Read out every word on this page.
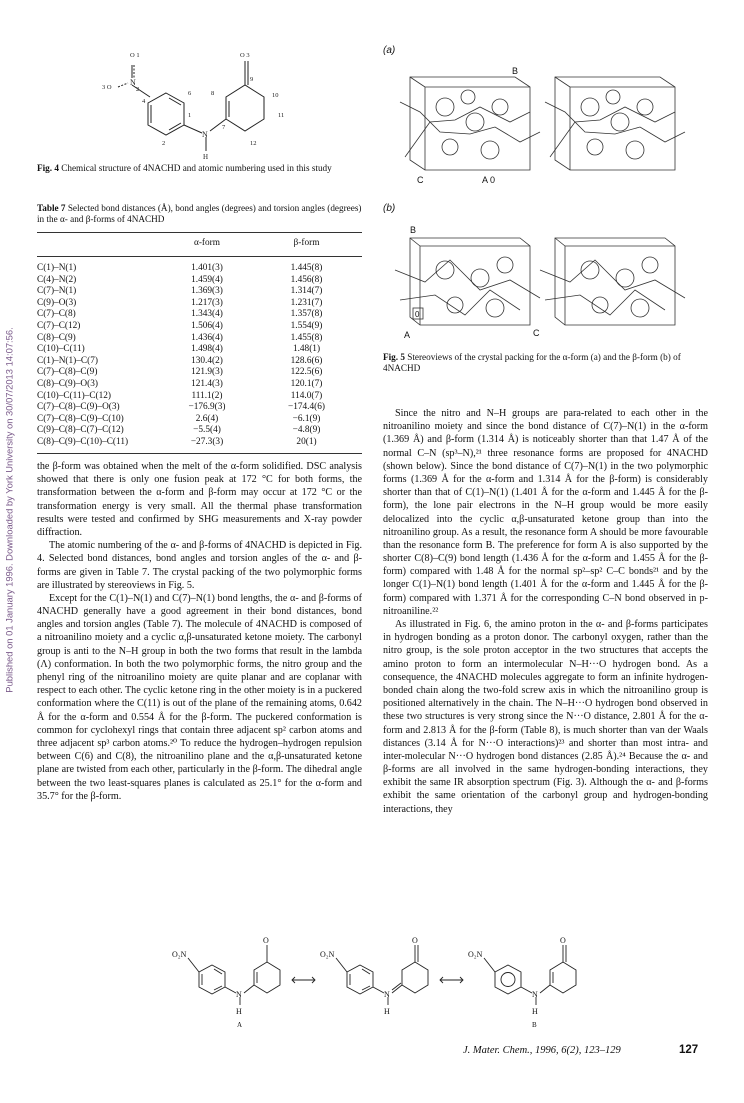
Published on 01 January 1996. Downloaded by York University on 30/07/2013 14:07:56.
O 1	O 3
3 O
N
2
4
6	8
9
10
11
12
1
7
2
N
H
Fig. 4 Chemical structure of 4NACHD and atomic numbering used in this study
Table 7 Selected bond distances (Å), bond angles (degrees) and torsion angles (degrees) in the α- and β-forms of 4NACHD
	α-form	β-form
C(1)–N(1)	1.401(3)	1.445(8)
C(4)–N(2)	1.459(4)	1.456(8)
C(7)–N(1)	1.369(3)	1.314(7)
C(9)–O(3)	1.217(3)	1.231(7)
C(7)–C(8)	1.343(4)	1.357(8)
C(7)–C(12)	1.506(4)	1.554(9)
C(8)–C(9)	1.436(4)	1.455(8)
C(10)–C(11)	1.498(4)	1.48(1)
C(1)–N(1)–C(7)	130.4(2)	128.6(6)
C(7)–C(8)–C(9)	121.9(3)	122.5(6)
C(8)–C(9)–O(3)	121.4(3)	120.1(7)
C(10)–C(11)–C(12)	111.1(2)	114.0(7)
C(7)–C(8)–C(9)–O(3)	−176.9(3)	−174.4(6)
C(7)–C(8)–C(9)–C(10)	2.6(4)	−6.1(9)
C(9)–C(8)–C(7)–C(12)	−5.5(4)	−4.8(9)
C(8)–C(9)–C(10)–C(11)	−27.3(3)	20(1)

the β-form was obtained when the melt of the α-form solidified. DSC analysis showed that there is only one fusion peak at 172 °C for both forms, the transformation between the α-form and β-form may occur at 172 °C or the transformation energy is very small. All the thermal phase transformation results were tested and confirmed by SHG measurements and X-ray powder diffraction.

The atomic numbering of the α- and β-forms of 4NACHD is depicted in Fig. 4. Selected bond distances, bond angles and torsion angles of the α- and β-forms are given in Table 7. The crystal packing of the two polymorphic forms are illustrated by stereoviews in Fig. 5.

Except for the C(1)–N(1) and C(7)–N(1) bond lengths, the α- and β-forms of 4NACHD generally have a good agreement in their bond distances, bond angles and torsion angles (Table 7). The molecule of 4NACHD is composed of a nitroanilino moiety and a cyclic α,β-unsaturated ketone moiety. The carbonyl group is anti to the N–H group in both the two forms that result in the lambda (Λ) conformation. In both the two polymorphic forms, the nitro group and the phenyl ring of the nitroanilino moiety are quite planar and are coplanar with respect to each other. The cyclic ketone ring in the other moiety is in a puckered conformation where the C(11) is out of the plane of the remaining atoms, 0.642 Å for the α-form and 0.554 Å for the β-form. The puckered conformation is common for cyclohexyl rings that contain three adjacent sp² carbon atoms and three adjacent sp³ carbon atoms.²⁰ To reduce the hydrogen–hydrogen repulsion between C(6) and C(8), the nitroanilino plane and the α,β-unsaturated ketone plane are twisted from each other, particularly in the β-form. The dihedral angle between the two least-squares planes is calculated as 25.1° for the α-form and 35.7° for the β-form.

(a)
B
C	A 0
(b)
B
A
0
C
Fig. 5 Stereoviews of the crystal packing for the α-form (a) and the β-form (b) of 4NACHD

Since the nitro and N–H groups are para-related to each other in the nitroanilino moiety and since the bond distance of C(7)–N(1) in the α-form (1.369 Å) and β-form (1.314 Å) is noticeably shorter than that 1.47 Å of the normal C–N (sp³–N),²¹ three resonance forms are proposed for 4NACHD (shown below). Since the bond distance of C(7)–N(1) in the two polymorphic forms (1.369 Å for the α-form and 1.314 Å for the β-form) is considerably shorter than that of C(1)–N(1) (1.401 Å for the α-form and 1.445 Å for the β-form), the lone pair electrons in the N–H group would be more easily delocalized into the cyclic α,β-unsaturated ketone group than into the nitroanilino group. As a result, the resonance form A should be more favourable than the resonance form B. The preference for form A is also supported by the shorter C(8)–C(9) bond length (1.436 Å for the α-form and 1.455 Å for the β-form) compared with 1.48 Å for the normal sp²–sp² C–C bonds²¹ and by the longer C(1)–N(1) bond length (1.401 Å for the α-form and 1.445 Å for the β-form) compared with 1.371 Å for the corresponding C–N bond observed in p-nitroaniline.²²

As illustrated in Fig. 6, the amino proton in the α- and β-forms participates in hydrogen bonding as a proton donor. The carbonyl oxygen, rather than the nitro group, is the sole proton acceptor in the two structures that accepts the amino proton to form an intermolecular N–H···O hydrogen bond. As a consequence, the 4NACHD molecules aggregate to form an infinite hydrogen-bonded chain along the two-fold screw axis in which the nitroanilino group is positioned alternatively in the chain. The N–H···O hydrogen bond observed in these two structures is very strong since the N···O distance, 2.801 Å for the α-form and 2.813 Å for the β-form (Table 8), is much shorter than van der Waals distances (3.14 Å for N···O interactions)²³ and shorter than most intra- and inter-molecular N···O hydrogen bond distances (2.85 Å).²⁴ Because the α- and β-forms are all involved in the same hydrogen-bonding interactions, they exhibit the same IR absorption spectrum (Fig. 3). Although the α- and β-forms exhibit the same orientation of the carbonyl group and hydrogen-bonding interactions, they

O₂N
O
N
H
O₂N
O
N
H
O₂N
O
N
H
A	B
J. Mater. Chem., 1996, 6(2), 123–129	127
